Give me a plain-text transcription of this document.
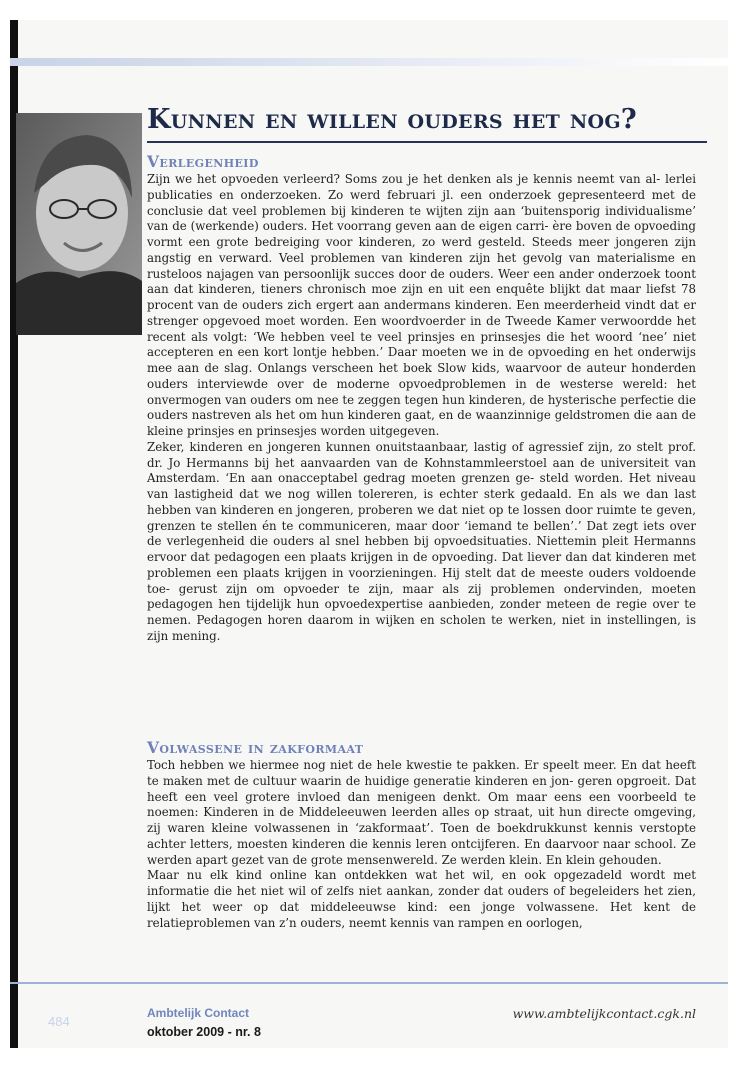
Kunnen en willen ouders het nog?
Verlegenheid

Zijn we het opvoeden verleerd? Soms zou je het denken als je kennis neemt van al- lerlei publicaties en onderzoeken. Zo werd februari jl. een onderzoek gepresenteerd met de conclusie dat veel problemen bij kinderen te wijten zijn aan ‘buitensporig individualisme’ van de (werkende) ouders. Het voorrang geven aan de eigen carri- ère boven de opvoeding vormt een grote bedreiging voor kinderen, zo werd gesteld. Steeds meer jongeren zijn angstig en verward. Veel problemen van kinderen zijn het gevolg van materialisme en rusteloos najagen van persoonlijk succes door de ouders. Weer een ander onderzoek toont aan dat kinderen, tieners chronisch moe zijn en uit een enquête blijkt dat maar liefst 78 procent van de ouders zich ergert aan andermans kinderen. Een meerderheid vindt dat er strenger opgevoed moet worden. Een woordvoerder in de Tweede Kamer verwoordde het recent als volgt: ‘We hebben veel te veel prinsjes en prinsesjes die het woord ‘nee’ niet accepteren en een kort lontje hebben.’ Daar moeten we in de opvoeding en het onderwijs mee aan de slag. Onlangs verscheen het boek Slow kids, waarvoor de auteur honderden ouders interviewde over de moderne opvoedproblemen in de westerse wereld: het onvermogen van ouders om nee te zeggen tegen hun kinderen, de hysterische perfectie die ouders nastreven als het om hun kinderen gaat, en de waanzinnige geldstromen die aan de kleine prinsjes en prinsesjes worden uitgegeven.

Zeker, kinderen en jongeren kunnen onuitstaanbaar, lastig of agressief zijn, zo stelt prof. dr. Jo Hermanns bij het aanvaarden van de Kohnstammleerstoel aan de universiteit van Amsterdam. ‘En aan onacceptabel gedrag moeten grenzen ge- steld worden. Het niveau van lastigheid dat we nog willen tolereren, is echter sterk gedaald. En als we dan last hebben van kinderen en jongeren, proberen we dat niet op te lossen door ruimte te geven, grenzen te stellen én te communiceren, maar door ‘iemand te bellen’.’ Dat zegt iets over de verlegenheid die ouders al snel hebben bij opvoedsituaties. Niettemin pleit Hermanns ervoor dat pedagogen een plaats krijgen in de opvoeding. Dat liever dan dat kinderen met problemen een plaats krijgen in voorzieningen. Hij stelt dat de meeste ouders voldoende toe- gerust zijn om opvoeder te zijn, maar als zij problemen ondervinden, moeten pedagogen hen tijdelijk hun opvoedexpertise aanbieden, zonder meteen de regie over te nemen. Pedagogen horen daarom in wijken en scholen te werken, niet in instellingen, is zijn mening.

Volwassene in zakformaat

Toch hebben we hiermee nog niet de hele kwestie te pakken. Er speelt meer. En dat heeft te maken met de cultuur waarin de huidige generatie kinderen en jon- geren opgroeit. Dat heeft een veel grotere invloed dan menigeen denkt. Om maar eens een voorbeeld te noemen: Kinderen in de Middeleeuwen leerden alles op straat, uit hun directe omgeving, zij waren kleine volwassenen in ‘zakformaat’. Toen de boekdrukkunst kennis verstopte achter letters, moesten kinderen die kennis leren ontcijferen. En daarvoor naar school. Ze werden apart gezet van de grote mensenwereld. Ze werden klein. En klein gehouden.

Maar nu elk kind online kan ontdekken wat het wil, en ook opgezadeld wordt met informatie die het niet wil of zelfs niet aankan, zonder dat ouders of begeleiders het zien, lijkt het weer op dat middeleeuwse kind: een jonge volwassene. Het kent de relatieproblemen van z’n ouders, neemt kennis van rampen en oorlogen,

484
Ambtelijk Contact
oktober 2009 - nr. 8
www.ambtelijkcontact.cgk.nl
